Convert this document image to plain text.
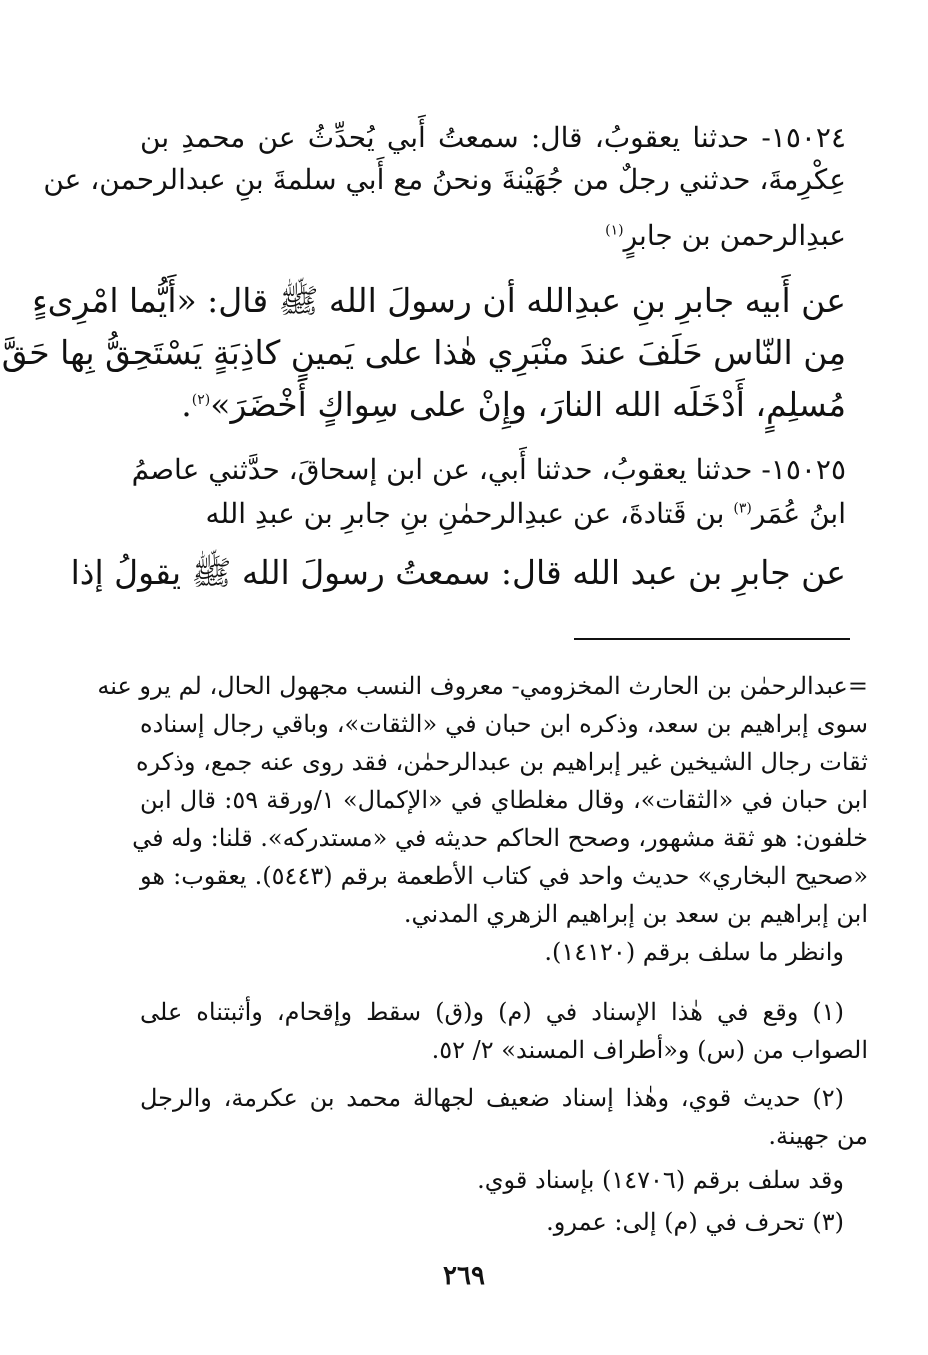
١٥٠٢٤- حدثنا يعقوبُ، قال: سمعتُ أَبي يُحدِّثُ عن محمدِ بن
عِكْرِمةَ، حدثني رجلٌ من جُهَيْنةَ ونحنُ مع أَبي سلمةَ بنِ عبدالرحمن، عن
عبدِالرحمن بن جابرٍ$^{(١)}$
عن أَبيه جابرِ بنِ عبدِالله أن رسولَ الله ﷺ قال: «أَيُّما امْرِىءٍ
مِن النّاس حَلَفَ عندَ منْبَرِي هٰذا على يَمينٍ كاذِبَةٍ يَسْتَحِقُّ بِها حَقَّ
مُسلِمٍ، أَدْخَلَه الله النارَ، وإِنْ على سِواكٍ أَخْضَرَ»$^{(٢)}$.
١٥٠٢٥- حدثنا يعقوبُ، حدثنا أَبي، عن ابن إسحاقَ، حدَّثني عاصمُ
ابنُ عُمَر$^{(٣)}$ بن قَتادةَ، عن عبدِالرحمٰنِ بنِ جابرِ بن عبدِ الله
عن جابرِ بن عبد الله قال: سمعتُ رسولَ الله ﷺ يقولُ إذا
=عبدالرحمٰن بن الحارث المخزومي- معروف النسب مجهول الحال، لم يرو عنه
سوى إبراهيم بن سعد، وذكره ابن حبان في «الثقات»، وباقي رجال إسناده
ثقات رجال الشيخين غير إبراهيم بن عبدالرحمٰن، فقد روى عنه جمع، وذكره
ابن حبان في «الثقات»، وقال مغلطاي في «الإكمال» ١/ورقة ٥٩: قال ابن
خلفون: هو ثقة مشهور، وصحح الحاكم حديثه في «مستدركه». قلنا: وله في
«صحيح البخاري» حديث واحد في كتاب الأطعمة برقم (٥٤٤٣). يعقوب: هو
ابن إبراهيم بن سعد بن إبراهيم الزهري المدني.
وانظر ما سلف برقم (١٤١٢٠).
(١) وقع في هٰذا الإسناد في (م) و(ق) سقط وإقحام، وأثبتناه على
الصواب من (س) و«أطراف المسند» ٢/ ٥٢.
(٢) حديث قوي، وهٰذا إسناد ضعيف لجهالة محمد بن عكرمة، والرجل
من جهينة.
وقد سلف برقم (١٤٧٠٦) بإسناد قوي.
(٣) تحرف في (م) إلى: عمرو.
٢٦٩
